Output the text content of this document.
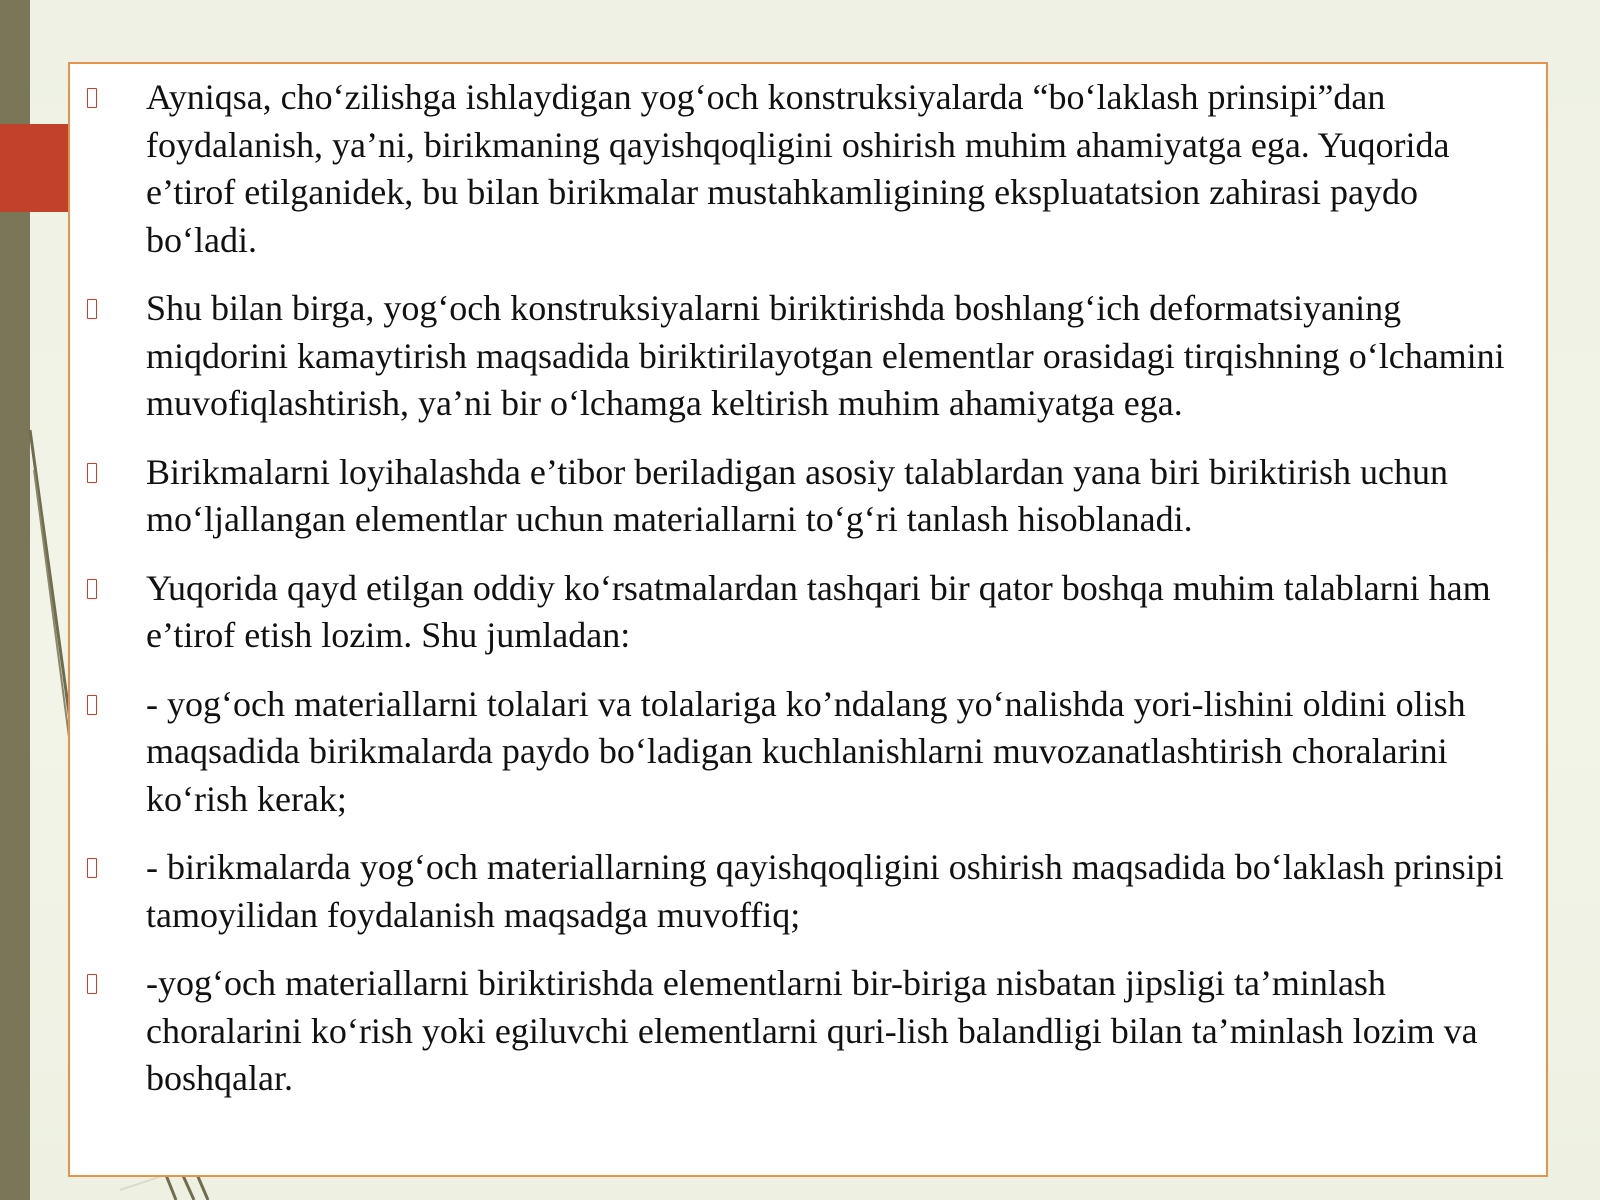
Ayniqsa, cho‘zilishga ishlaydigan yog‘och konstruksiyalarda “bo‘laklash prinsipi”dan foydalanish, ya’ni, birikmaning qayishqoqligini oshirish muhim ahamiyatga ega. Yuqorida e’tirof etilganidek, bu bilan birikmalar mustahkamligining ekspluatatsion zahirasi paydo bo‘ladi.
Shu bilan birga, yog‘och konstruksiyalarni biriktirishda boshlang‘ich deformatsiyaning miqdorini kamaytirish maqsadida biriktirilayotgan elementlar orasidagi tirqishning o‘lchamini muvofiqlashtirish, ya’ni bir o‘lchamga keltirish muhim ahamiyatga ega.
Birikmalarni loyihalashda e’tibor beriladigan asosiy talablardan yana biri biriktirish uchun mo‘ljallangan elementlar uchun materiallarni to‘g‘ri tanlash hisoblanadi.
Yuqorida qayd etilgan oddiy ko‘rsatmalardan tashqari bir qator boshqa muhim talablarni ham e’tirof etish lozim. Shu jumladan:
- yog‘och materiallarni tolalari va tolalariga ko’ndalang yo‘nalishda yori-lishini oldini olish maqsadida birikmalarda paydo bo‘ladigan kuchlanishlarni muvozanatlashtirish choralarini ko‘rish kerak;
- birikmalarda yog‘och materiallarning qayishqoqligini oshirish maqsadida bo‘laklash prinsipi tamoyilidan foydalanish maqsadga muvoffiq;
-yog‘och materiallarni biriktirishda elementlarni bir-biriga nisbatan jipsligi ta’minlash choralarini ko‘rish yoki egiluvchi elementlarni quri-lish balandligi bilan ta’minlash lozim va boshqalar.
